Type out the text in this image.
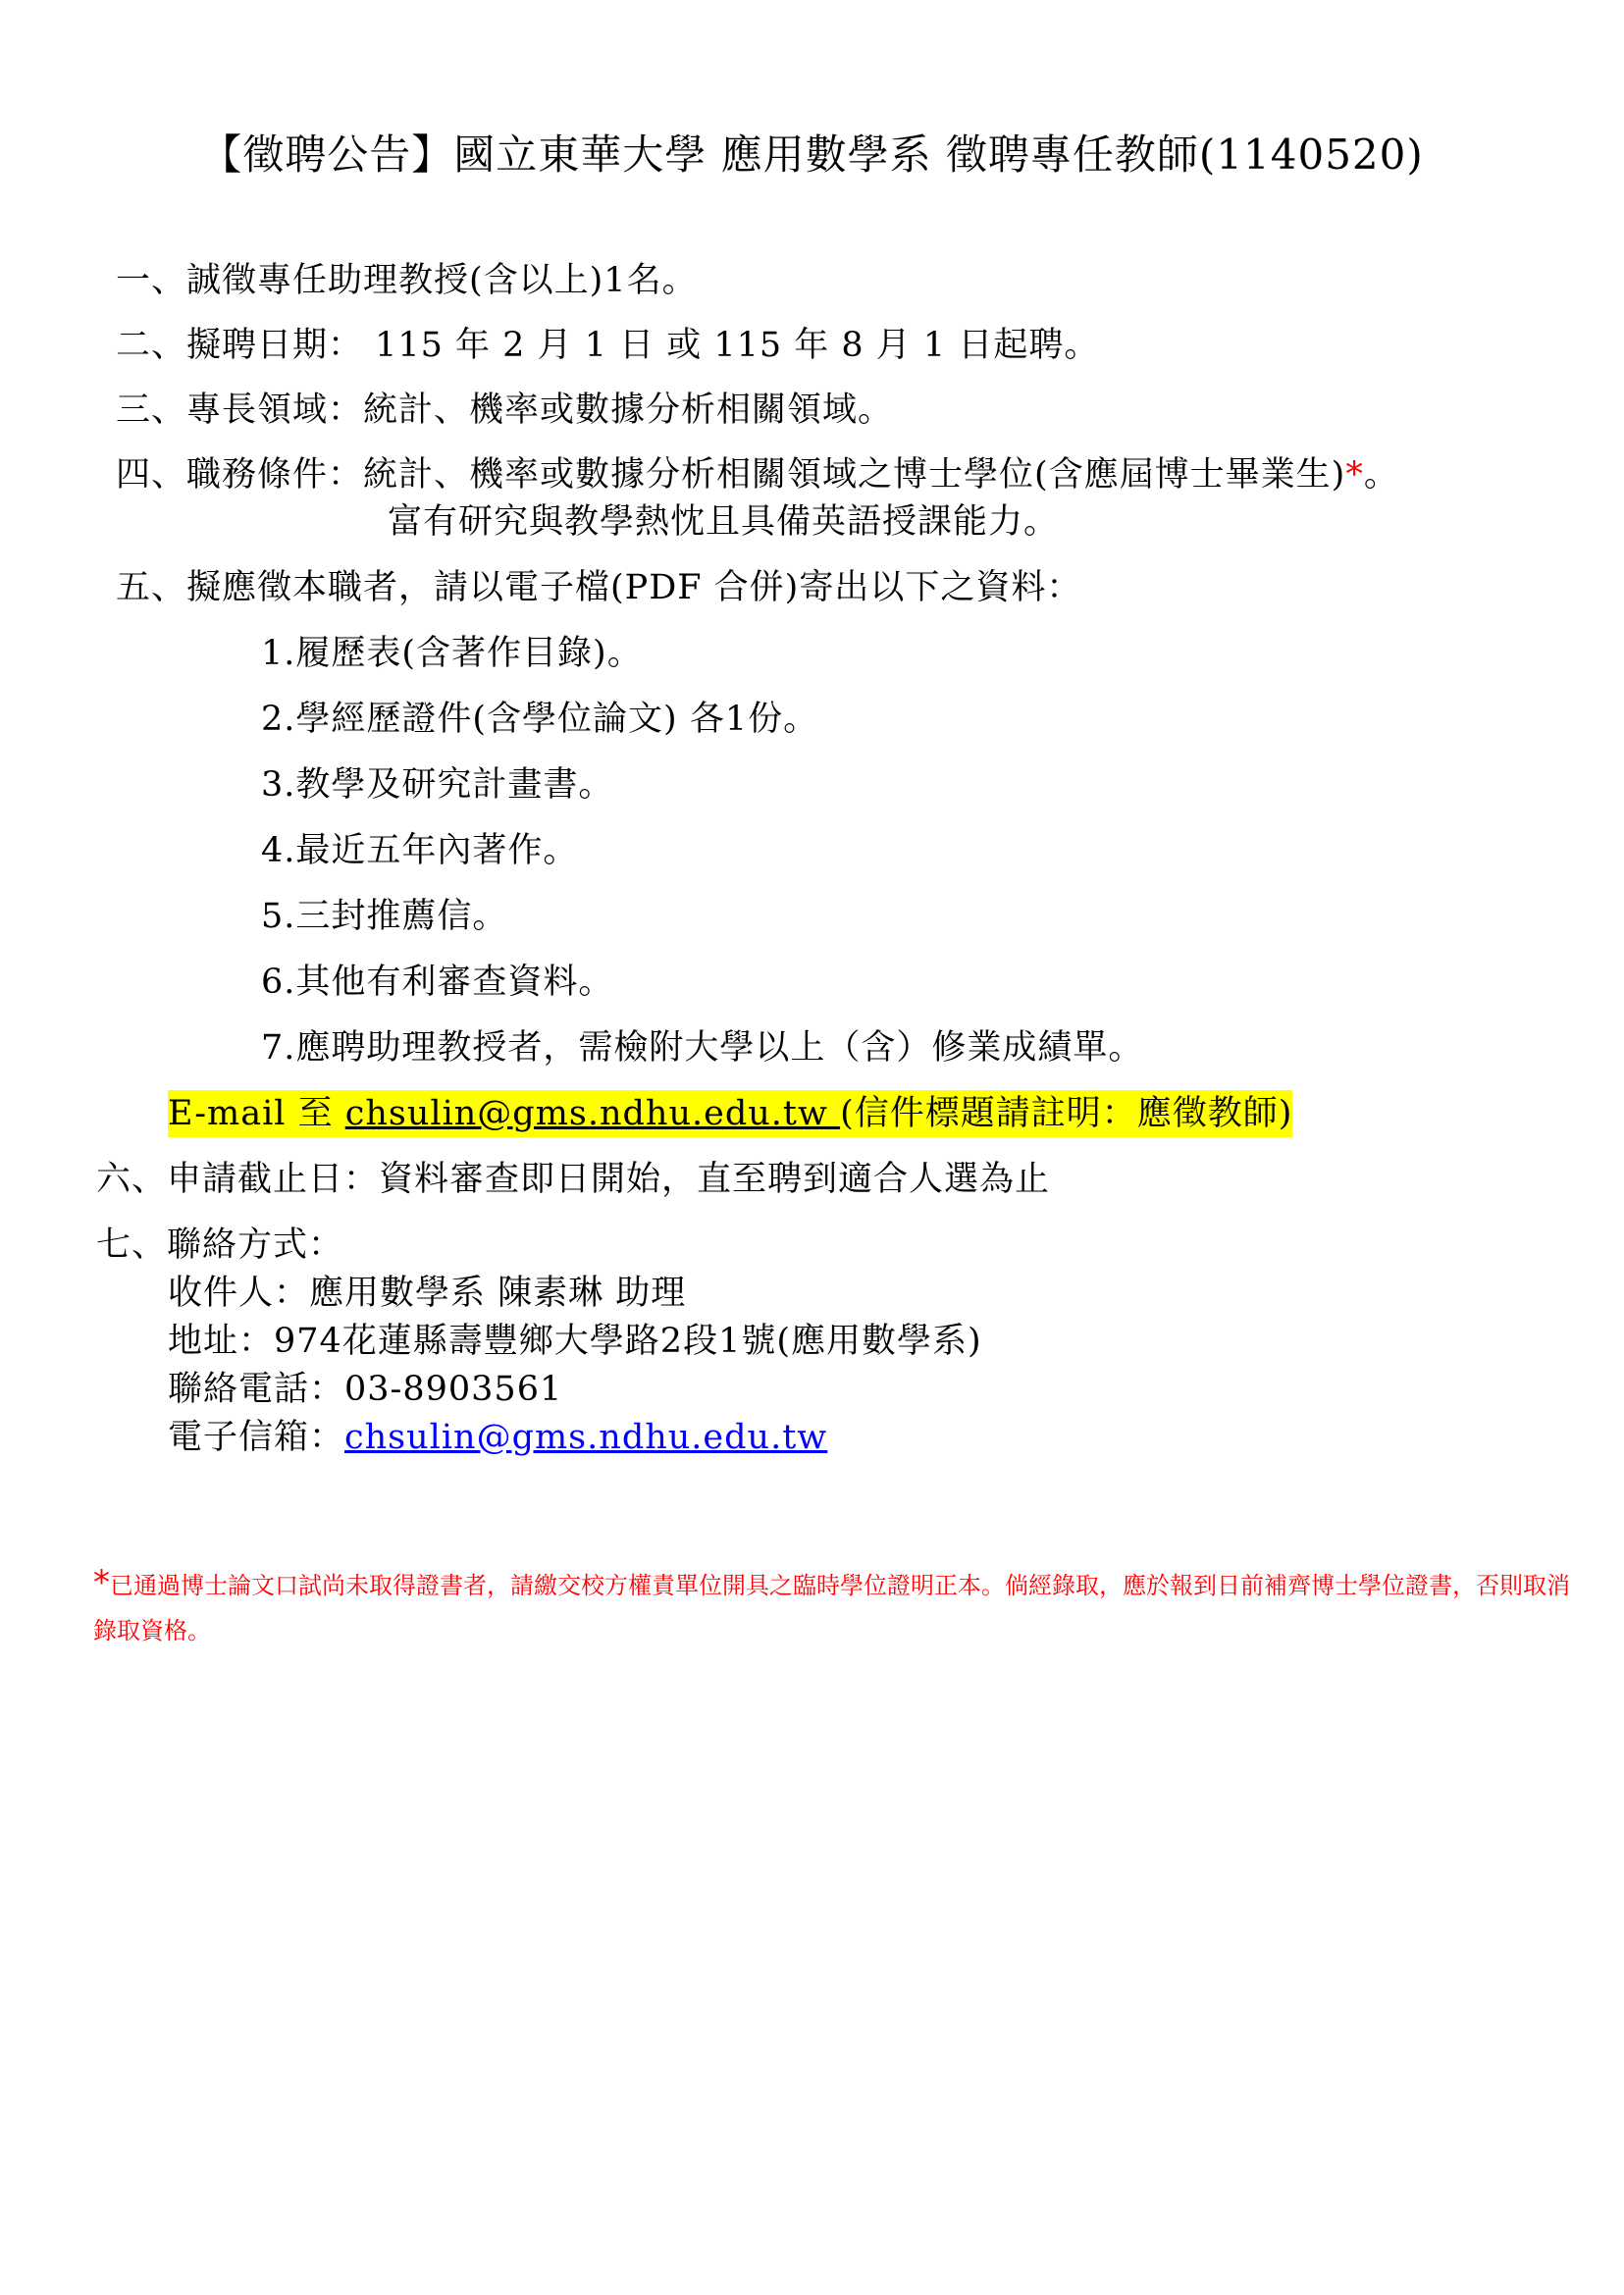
【徵聘公告】國立東華大學 應用數學系 徵聘專任教師(1140520)
一、誠徵專任助理教授(含以上)1名。
二、擬聘日期： 115 年 2 月 1 日 或 115 年 8 月 1 日起聘。
三、專長領域：統計、機率或數據分析相關領域。
四、職務條件：統計、機率或數據分析相關領域之博士學位(含應屆博士畢業生)*。
富有研究與教學熱忱且具備英語授課能力。
五、擬應徵本職者，請以電子檔(PDF 合併)寄出以下之資料：
1.履歷表(含著作目錄)。
2.學經歷證件(含學位論文) 各1份。
3.教學及研究計畫書。
4.最近五年內著作。
5.三封推薦信。
6.其他有利審查資料。
7.應聘助理教授者，需檢附大學以上（含）修業成績單。
E-mail 至 chsulin@gms.ndhu.edu.tw (信件標題請註明：應徵教師)
六、申請截止日：資料審查即日開始，直至聘到適合人選為止
七、聯絡方式：
收件人：應用數學系 陳素琳 助理
地址：974花蓮縣壽豐鄉大學路2段1號(應用數學系)
聯絡電話：03-8903561
電子信箱：chsulin@gms.ndhu.edu.tw
*已通過博士論文口試尚未取得證書者，請繳交校方權責單位開具之臨時學位證明正本。倘經錄取，應於報到日前補齊博士學位證書，否則取消錄取資格。
